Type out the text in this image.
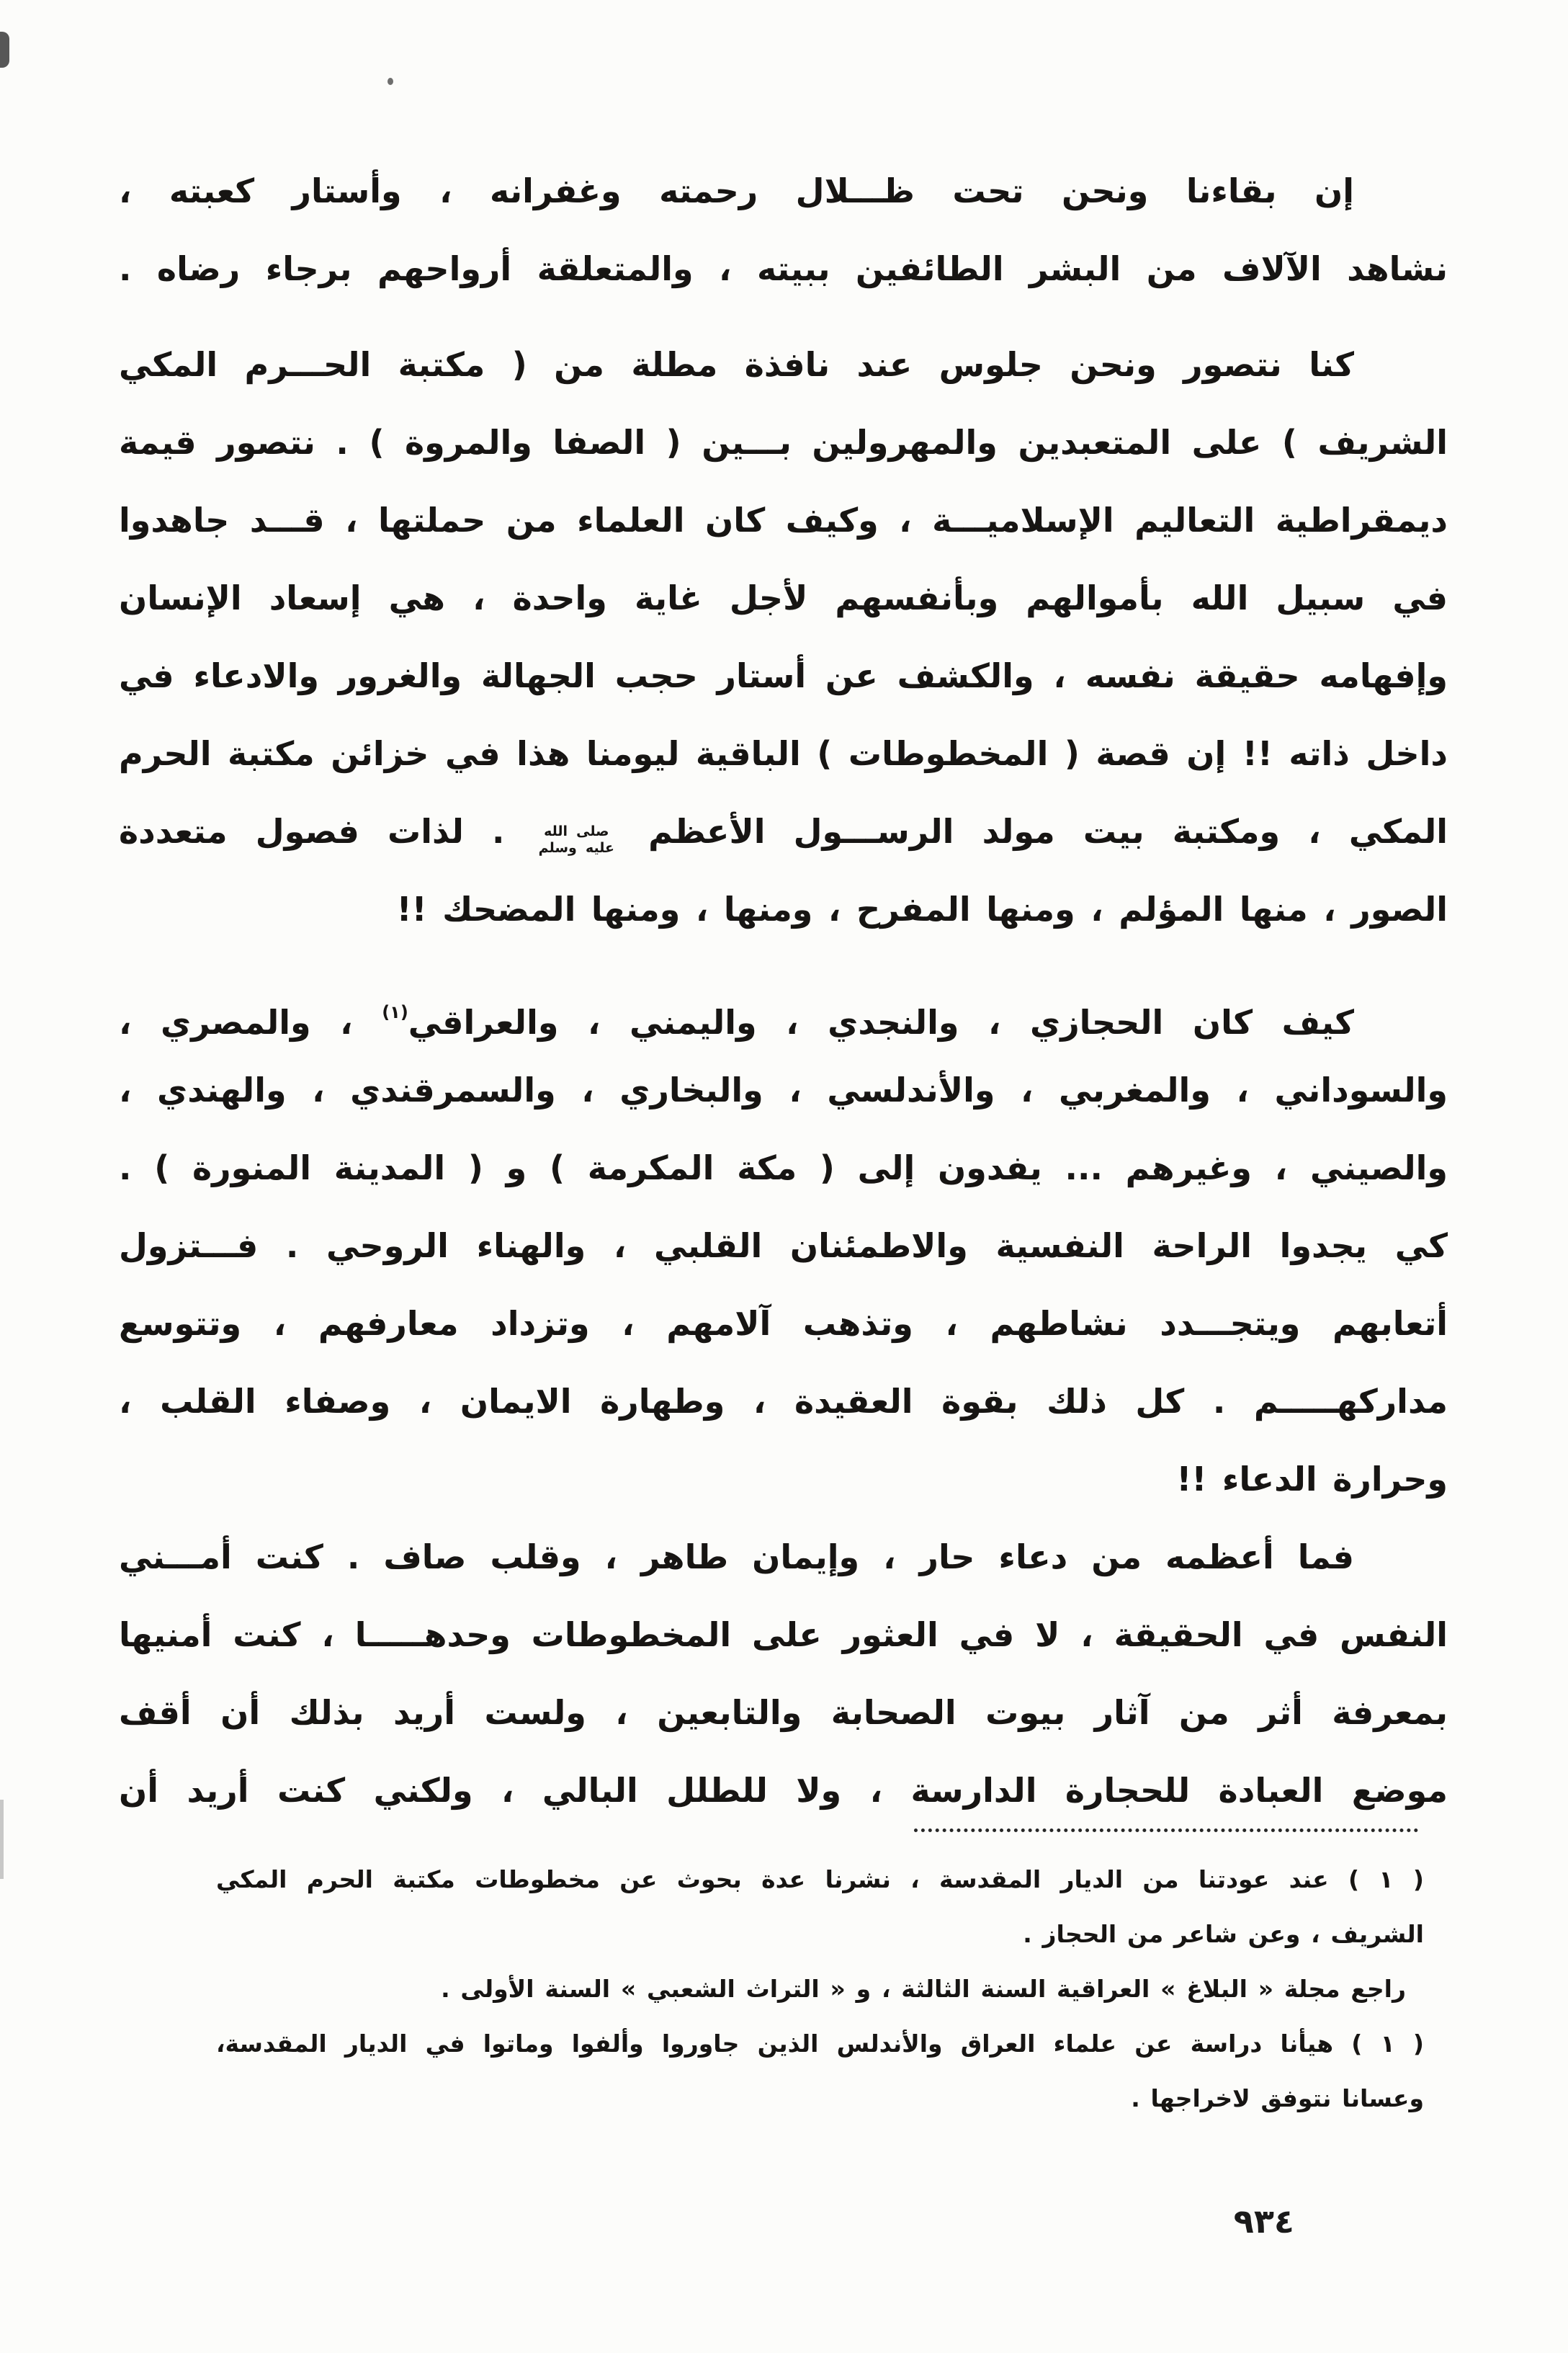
إن بقاءنا ونحن تحت ظـــلال رحمته وغفرانه ، وأستار كعبته ،
نشاهد الآلاف من البشر الطائفين ببيته ، والمتعلقة أرواحهم برجاء رضاه .
كنا نتصور ونحن جلوس عند نافذة مطلة من ( مكتبة الحـــرم المكي
الشريف ) على المتعبدين والمهرولين بـــين ( الصفا والمروة ) . نتصور قيمة
ديمقراطية التعاليم الإسلاميـــة ، وكيف كان العلماء من حملتها ، قـــد جاهدوا
في سبيل الله بأموالهم وبأنفسهم لأجل غاية واحدة ، هي إسعاد الإنسان
وإفهامه حقيقة نفسه ، والكشف عن أستار حجب الجهالة والغرور والادعاء في
داخل ذاته !! إن قصة ( المخطوطات ) الباقية ليومنا هذا في خزائن مكتبة الحرم
المكي ، ومكتبة بيت مولد الرســـول الأعظم
صلى الله
عليه وسلم
. لذات فصول متعددة
الصور ، منها المؤلم ، ومنها المفرح ، ومنها ، ومنها المضحك !!
كيف كان الحجازي ، والنجدي ، واليمني ، والعراقي$^{(١)}$ ، والمصري ،
والسوداني ، والمغربي ، والأندلسي ، والبخاري ، والسمرقندي ، والهندي ،
والصيني ، وغيرهم ... يفدون إلى ( مكة المكرمة ) و ( المدينة المنورة ) .
كي يجدوا الراحة النفسية والاطمئنان القلبي ، والهناء الروحي . فـــتزول
أتعابهم ويتجـــدد نشاطهم ، وتذهب آلامهم ، وتزداد معارفهم ، وتتوسع
مداركهـــــم . كل ذلك بقوة العقيدة ، وطهارة الايمان ، وصفاء القلب ،
وحرارة الدعاء !!
فما أعظمه من دعاء حار ، وإيمان طاهر ، وقلب صاف . كنت أمـــني
النفس في الحقيقة ، لا في العثور على المخطوطات وحدهـــــا ، كنت أمنيها
بمعرفة أثر من آثار بيوت الصحابة والتابعين ، ولست أريد بذلك أن أقف
موضع العبادة للحجارة الدارسة ، ولا للطلل البالي ، ولكني كنت أريد أن
( ١ ) عند عودتنا من الديار المقدسة ، نشرنا عدة بحوث عن مخطوطات مكتبة الحرم المكي
الشريف ، وعن شاعر من الحجاز .
راجع مجلة « البلاغ » العراقية السنة الثالثة ، و « التراث الشعبي » السنة الأولى .
( ١ ) هيأنا دراسة عن علماء العراق والأندلس الذين جاوروا وألفوا وماتوا في الديار المقدسة،
وعسانا نتوفق لاخراجها .
٩٣٤
